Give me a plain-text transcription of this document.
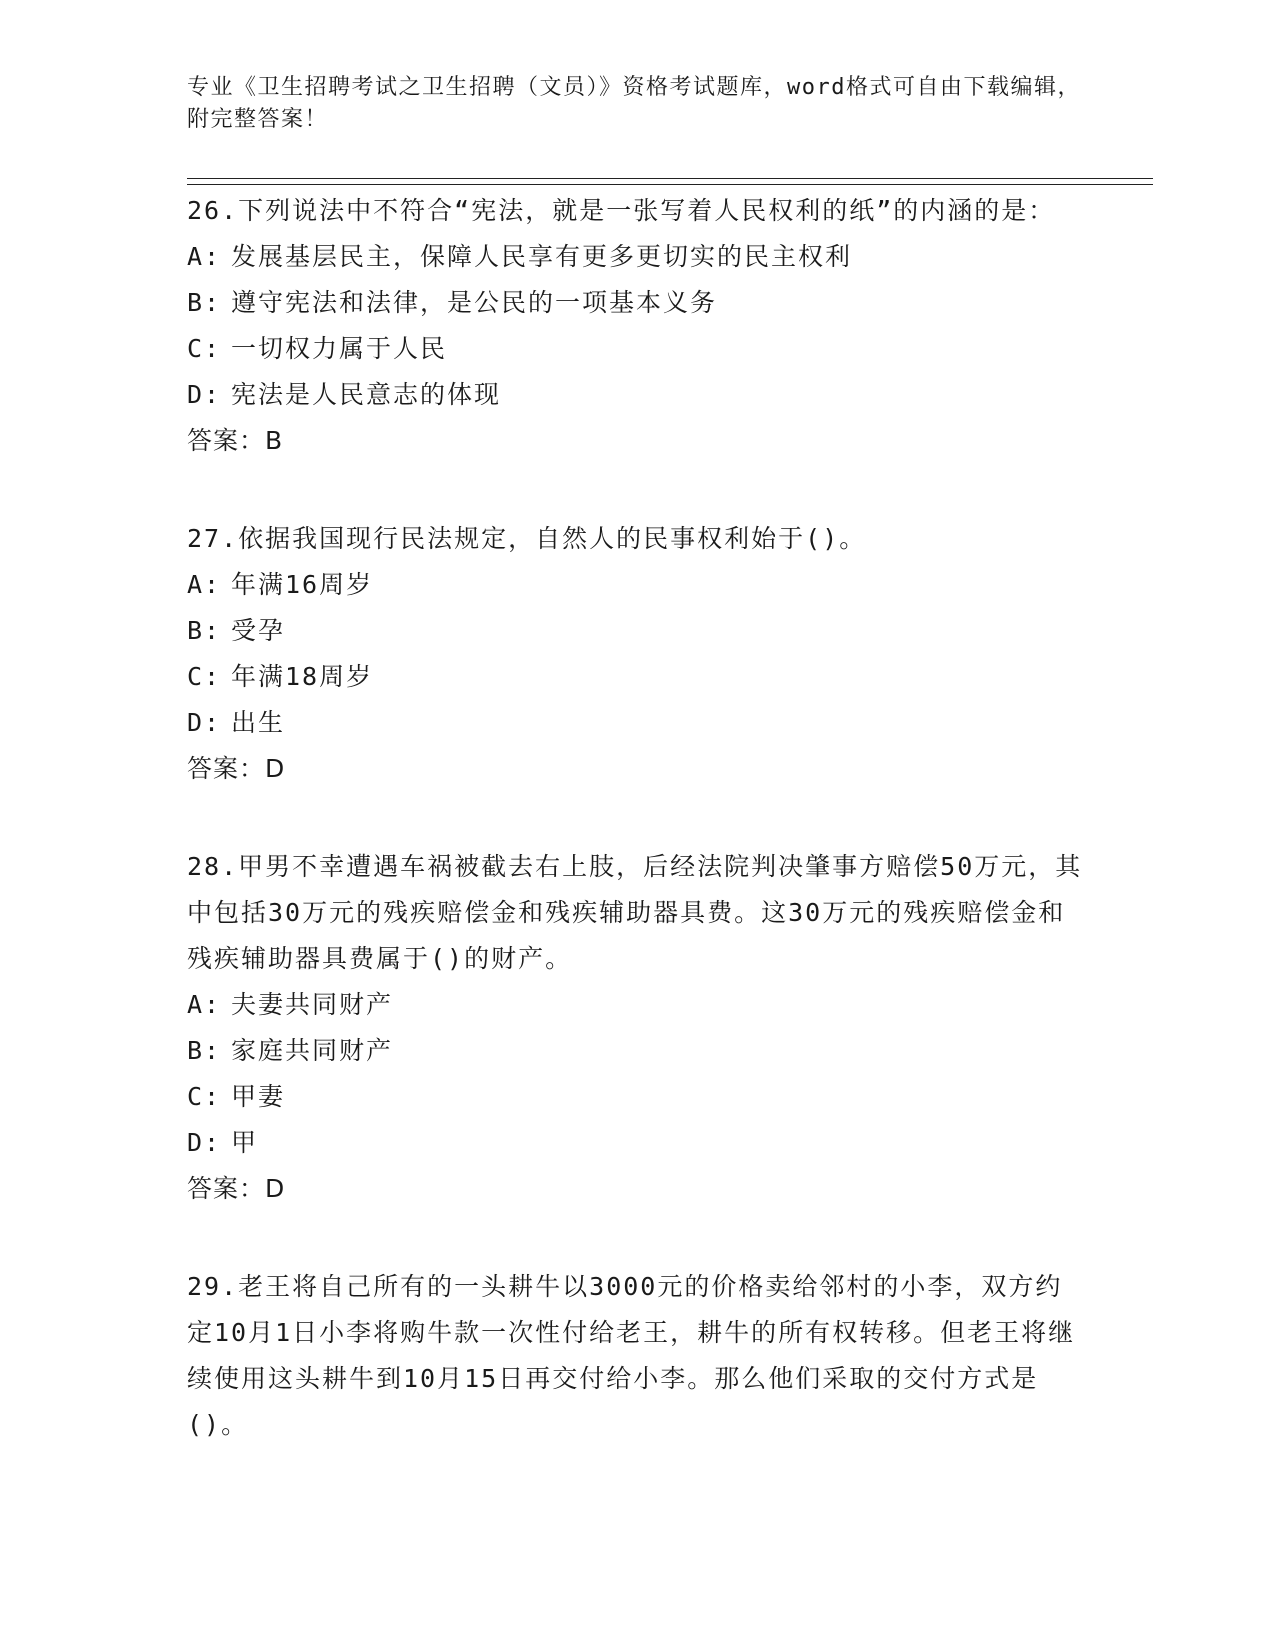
专业《卫生招聘考试之卫生招聘（文员）》资格考试题库，word格式可自由下载编辑，附完整答案！

26.下列说法中不符合“宪法，就是一张写着人民权利的纸”的内涵的是：

A: 发展基层民主，保障人民享有更多更切实的民主权利
B: 遵守宪法和法律，是公民的一项基本义务
C: 一切权力属于人民
D: 宪法是人民意志的体现
答案：B

27.依据我国现行民法规定，自然人的民事权利始于()。

A: 年满16周岁
B: 受孕
C: 年满18周岁
D: 出生
答案：D

28.甲男不幸遭遇车祸被截去右上肢，后经法院判决肇事方赔偿50万元，其中包括30万元的残疾赔偿金和残疾辅助器具费。这30万元的残疾赔偿金和残疾辅助器具费属于()的财产。

A: 夫妻共同财产
B: 家庭共同财产
C: 甲妻
D: 甲
答案：D

29.老王将自己所有的一头耕牛以3000元的价格卖给邻村的小李，双方约定10月1日小李将购牛款一次性付给老王，耕牛的所有权转移。但老王将继续使用这头耕牛到10月15日再交付给小李。那么他们采取的交付方式是()。
